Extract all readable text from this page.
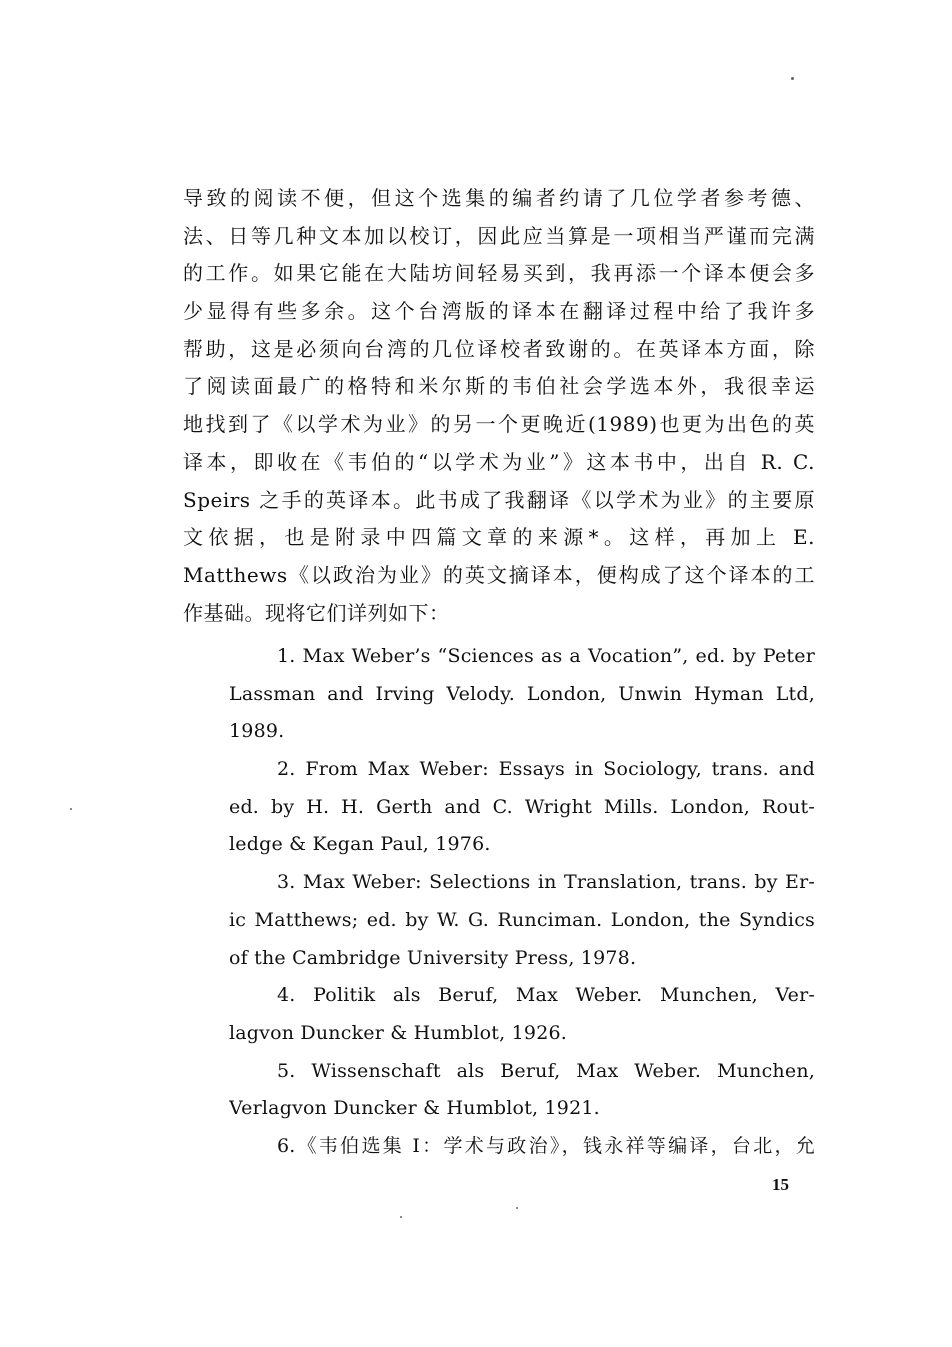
导致的阅读不便，但这个选集的编者约请了几位学者参考德、
法、日等几种文本加以校订，因此应当算是一项相当严谨而完满
的工作。如果它能在大陆坊间轻易买到，我再添一个译本便会多
少显得有些多余。这个台湾版的译本在翻译过程中给了我许多
帮助，这是必须向台湾的几位译校者致谢的。在英译本方面，除
了阅读面最广的格特和米尔斯的韦伯社会学选本外，我很幸运
地找到了《以学术为业》的另一个更晚近(1989)也更为出色的英
译本，即收在《韦伯的“以学术为业”》这本书中，出自 R. C.
Speirs 之手的英译本。此书成了我翻译《以学术为业》的主要原
文依据，也是附录中四篇文章的来源*。这样，再加上 E.
Matthews《以政治为业》的英文摘译本，便构成了这个译本的工
作基础。现将它们详列如下：
1. Max Weber’s “Sciences as a Vocation”, ed. by Peter
Lassman and Irving Velody. London, Unwin Hyman Ltd,
1989.
2. From Max Weber: Essays in Sociology, trans. and
ed. by H. H. Gerth and C. Wright Mills. London, Rout-
ledge & Kegan Paul, 1976.
3. Max Weber: Selections in Translation, trans. by Er-
ic Matthews; ed. by W. G. Runciman. London, the Syndics
of the Cambridge University Press, 1978.
4. Politik als Beruf, Max Weber. Munchen, Ver-
lagvon Duncker & Humblot, 1926.
5. Wissenschaft als Beruf, Max Weber. Munchen,
Verlagvon Duncker & Humblot, 1921.
6.《韦伯选集 I：学术与政治》，钱永祥等编译，台北，允
15
